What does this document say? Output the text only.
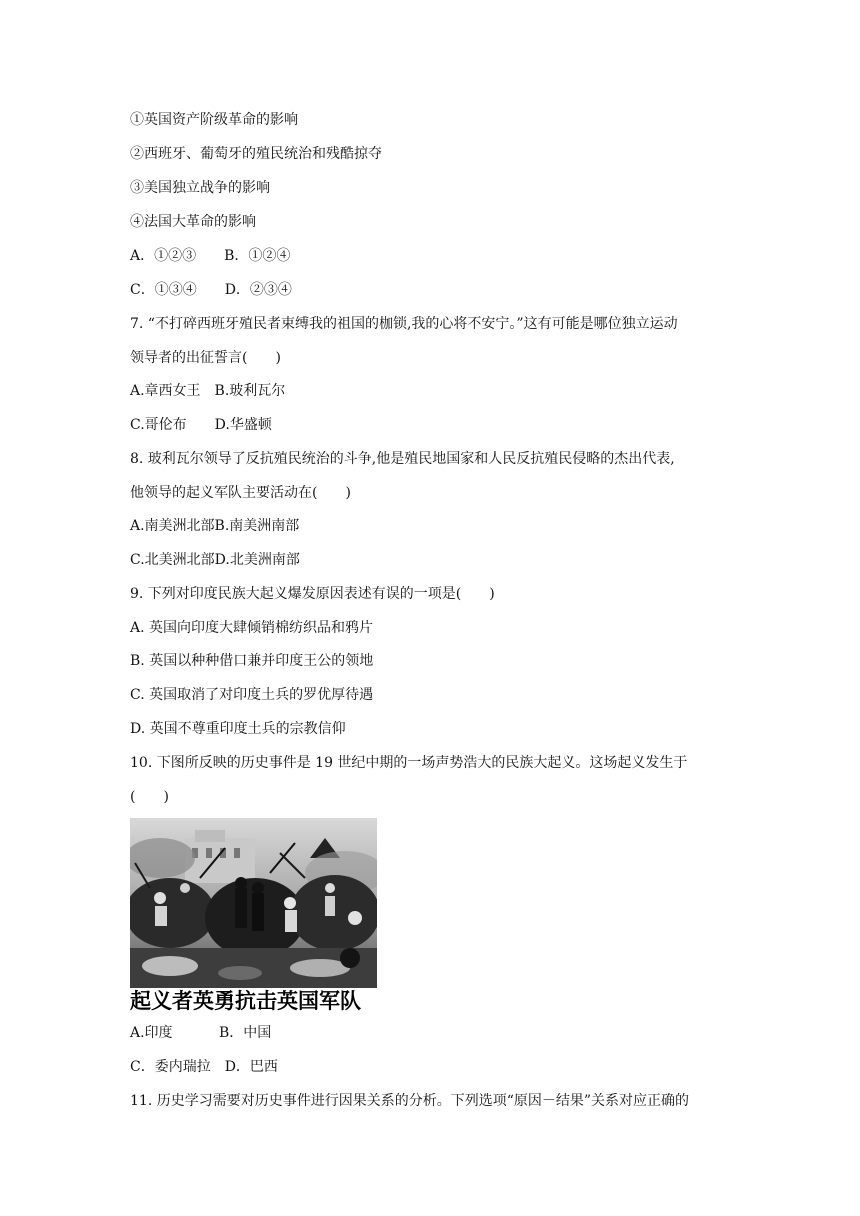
①英国资产阶级革命的影响
②西班牙、葡萄牙的殖民统治和残酷掠夺
③美国独立战争的影响
④法国大革命的影响
A．①②③　　B．①②④
C．①③④　　D．②③④
7. “不打碎西班牙殖民者束缚我的祖国的枷锁,我的心将不安宁。”这有可能是哪位独立运动
领导者的出征誓言(　　)
A.章西女王　B.玻利瓦尔
C.哥伦布　　D.华盛顿
8. 玻利瓦尔领导了反抗殖民统治的斗争,他是殖民地国家和人民反抗殖民侵略的杰出代表,
他领导的起义军队主要活动在(　　)
A.南美洲北部B.南美洲南部
C.北美洲北部D.北美洲南部
9. 下列对印度民族大起义爆发原因表述有误的一项是(　　)
A. 英国向印度大肆倾销棉纺织品和鸦片
B. 英国以种种借口兼并印度王公的领地
C. 英国取消了对印度土兵的罗优厚待遇
D. 英国不尊重印度土兵的宗教信仰
10. 下图所反映的历史事件是 19 世纪中期的一场声势浩大的民族大起义。这场起义发生于
(　　)
起义者英勇抗击英国军队
A.印度　　　 B．中国
C．委内瑞拉　D．巴西
11. 历史学习需要对历史事件进行因果关系的分析。下列选项“原因－结果”关系对应正确的
